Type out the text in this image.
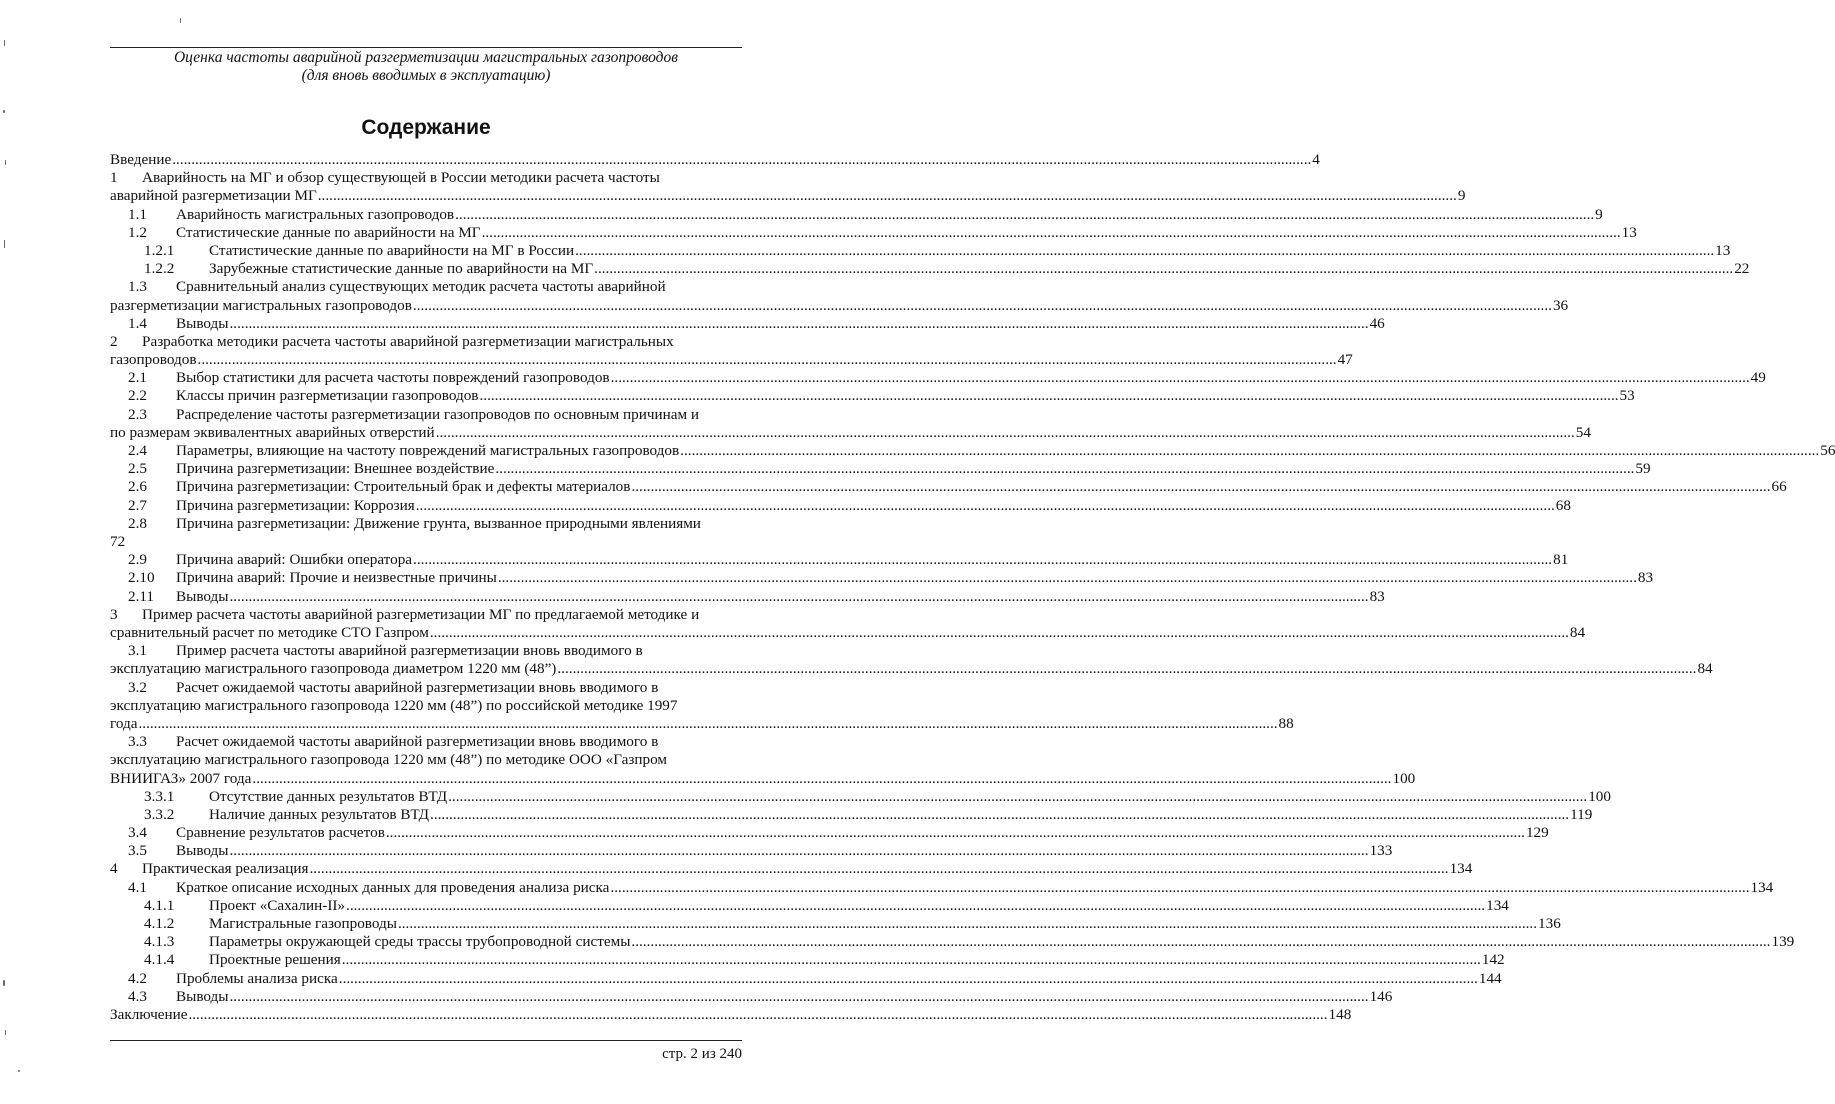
Оценка частоты аварийной разгерметизации магистральных газопроводов
(для вновь вводимых в эксплуатацию)
Содержание
Введение ............................................................................................................................................................................................................................................................................................................ 4
1 Аварийность на МГ и обзор существующей в России методики расчета частоты
аварийной разгерметизации МГ ............................................................................................................................................................................................................................................................................................................ 9
1.1 Аварийность магистральных газопроводов ............................................................................................................................................................................................................................................................................................................ 9
1.2 Статистические данные по аварийности на МГ ............................................................................................................................................................................................................................................................................................................ 13
1.2.1 Статистические данные по аварийности на МГ в России ............................................................................................................................................................................................................................................................................................................ 13
1.2.2 Зарубежные статистические данные по аварийности на МГ ............................................................................................................................................................................................................................................................................................................ 22
1.3 Сравнительный анализ существующих методик расчета частоты аварийной
разгерметизации магистральных газопроводов ............................................................................................................................................................................................................................................................................................................ 36
1.4 Выводы ............................................................................................................................................................................................................................................................................................................ 46
2 Разработка методики расчета частоты аварийной разгерметизации магистральных
газопроводов ............................................................................................................................................................................................................................................................................................................ 47
2.1 Выбор статистики для расчета частоты повреждений газопроводов ............................................................................................................................................................................................................................................................................................................ 49
2.2 Классы причин разгерметизации газопроводов ............................................................................................................................................................................................................................................................................................................ 53
2.3 Распределение частоты разгерметизации газопроводов по основным причинам и
по размерам эквивалентных аварийных отверстий ............................................................................................................................................................................................................................................................................................................ 54
2.4 Параметры, влияющие на частоту повреждений магистральных газопроводов ............................................................................................................................................................................................................................................................................................................ 56
2.5 Причина разгерметизации: Внешнее воздействие ............................................................................................................................................................................................................................................................................................................ 59
2.6 Причина разгерметизации: Строительный брак и дефекты материалов ............................................................................................................................................................................................................................................................................................................ 66
2.7 Причина разгерметизации: Коррозия ............................................................................................................................................................................................................................................................................................................ 68
2.8 Причина разгерметизации: Движение грунта, вызванное природными явлениями
72
2.9 Причина аварий: Ошибки оператора ............................................................................................................................................................................................................................................................................................................ 81
2.10 Причина аварий: Прочие и неизвестные причины ............................................................................................................................................................................................................................................................................................................ 83
2.11 Выводы ............................................................................................................................................................................................................................................................................................................ 83
3 Пример расчета частоты аварийной разгерметизации МГ по предлагаемой методике и
сравнительный расчет по методике СТО Газпром ............................................................................................................................................................................................................................................................................................................ 84
3.1 Пример расчета частоты аварийной разгерметизации вновь вводимого в
эксплуатацию магистрального газопровода диаметром 1220 мм (48”) ............................................................................................................................................................................................................................................................................................................ 84
3.2 Расчет ожидаемой частоты аварийной разгерметизации вновь вводимого в
эксплуатацию магистрального газопровода 1220 мм (48”) по российской методике 1997
года ............................................................................................................................................................................................................................................................................................................ 88
3.3 Расчет ожидаемой частоты аварийной разгерметизации вновь вводимого в
эксплуатацию магистрального газопровода 1220 мм (48”) по методике ООО «Газпром
ВНИИГАЗ» 2007 года ............................................................................................................................................................................................................................................................................................................ 100
3.3.1 Отсутствие данных результатов ВТД ............................................................................................................................................................................................................................................................................................................ 100
3.3.2 Наличие данных результатов ВТД ............................................................................................................................................................................................................................................................................................................ 119
3.4 Сравнение результатов расчетов ............................................................................................................................................................................................................................................................................................................ 129
3.5 Выводы ............................................................................................................................................................................................................................................................................................................ 133
4 Практическая реализация ............................................................................................................................................................................................................................................................................................................ 134
4.1 Краткое описание исходных данных для проведения анализа риска ............................................................................................................................................................................................................................................................................................................ 134
4.1.1 Проект «Сахалин-II» ............................................................................................................................................................................................................................................................................................................ 134
4.1.2 Магистральные газопроводы ............................................................................................................................................................................................................................................................................................................ 136
4.1.3 Параметры окружающей среды трассы трубопроводной системы ............................................................................................................................................................................................................................................................................................................ 139
4.1.4 Проектные решения ............................................................................................................................................................................................................................................................................................................ 142
4.2 Проблемы анализа риска ............................................................................................................................................................................................................................................................................................................ 144
4.3 Выводы ............................................................................................................................................................................................................................................................................................................ 146
Заключение ............................................................................................................................................................................................................................................................................................................ 148
стр. 2 из 240
